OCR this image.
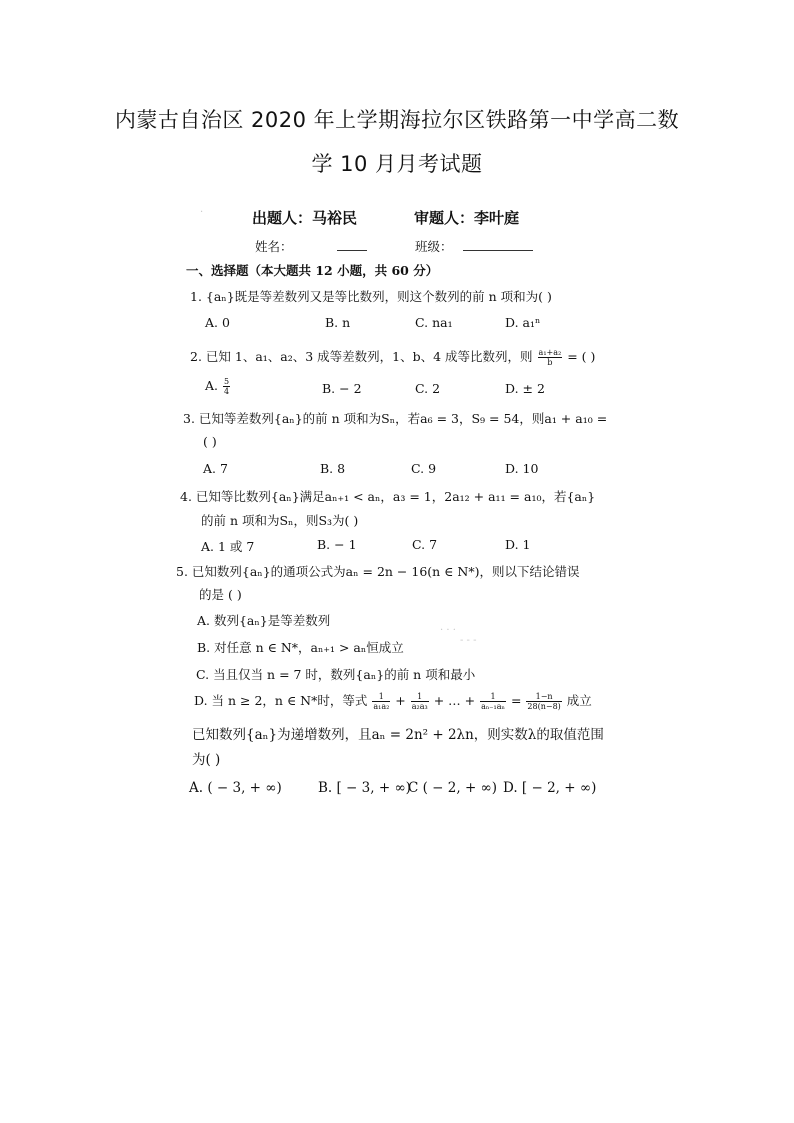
内蒙古自治区 2020 年上学期海拉尔区铁路第一中学高二数
学 10 月月考试题
·
· · ·
- - -
出题人：马裕民	审题人：李叶庭
姓名：	班级：
一、选择题（本大题共 12 小题，共 60 分）
1. {aₙ}既是等差数列又是等比数列，则这个数列的前 n 项和为( )
A. 0	B. n	C. na₁	D. a₁ⁿ
2. 已知 1、a₁、a₂、3 成等差数列，1、b、4 成等比数列，则 $\frac{\text{a₁+a₂}}{b}$ = ( )
A. $\frac{5}{4}$	B. − 2	C. 2	D. ± 2
3. 已知等差数列{aₙ}的前 n 项和为Sₙ，若a₆ = 3，S₉ = 54，则a₁ + a₁₀ =
( )
A. 7	B. 8	C. 9	D. 10
4. 已知等比数列{aₙ}满足aₙ₊₁ < aₙ，a₃ = 1，2a₁₂ + a₁₁ = a₁₀，若{aₙ}
的前 n 项和为Sₙ，则S₃为( )
A. 1 或 7	B. − 1	C. 7	D. 1
5. 已知数列{aₙ}的通项公式为aₙ = 2n − 16(n ∈ N*)，则以下结论错误
的是 ( )
A. 数列{aₙ}是等差数列
B. 对任意 n ∈ N*，aₙ₊₁ > aₙ恒成立
C. 当且仅当 n = 7 时，数列{aₙ}的前 n 项和最小
D. 当 n ≥ 2，n ∈ N*时，等式 $\frac{1}{\text{a₁a₂}} + \frac{1}{\text{a₂a₃}}$ + … + $\frac{1}{\text{aₙ₋₁aₙ}} = \frac{1-n}{28(n-8)}$ 成立
已知数列{aₙ}为递增数列，且aₙ = 2n² + 2λn，则实数λ的取值范围
为( )
A. ( − 3, + ∞)	B. [ − 3, + ∞)
C ( − 2, + ∞) D. [ − 2, + ∞)
